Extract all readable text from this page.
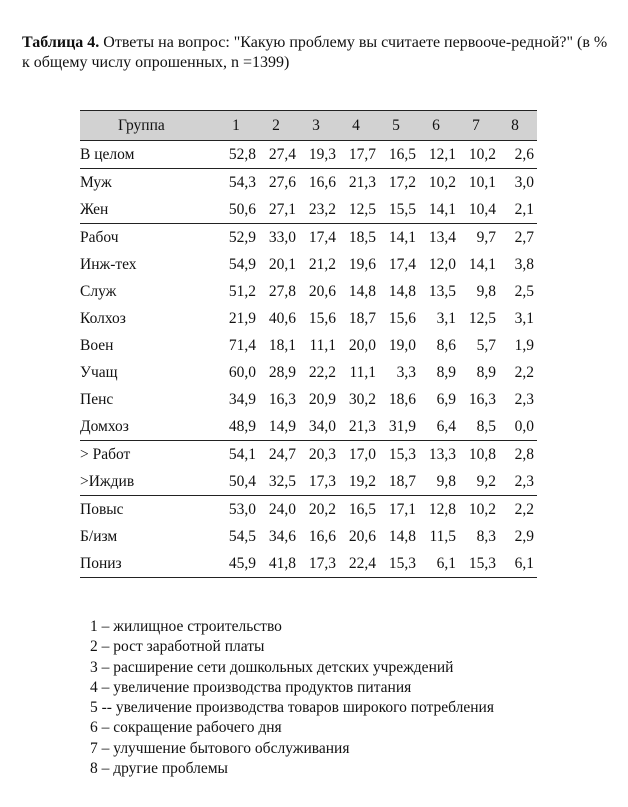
Таблица 4. Ответы на вопрос: "Какую проблему вы считаете первооче-редной?" (в % к общему числу опрошенных, n =1399)
Группа	1	2	3	4	5	6	7	8
В целом	52,8	27,4	19,3	17,7	16,5	12,1	10,2	2,6
Муж	54,3	27,6	16,6	21,3	17,2	10,2	10,1	3,0
Жен	50,6	27,1	23,2	12,5	15,5	14,1	10,4	2,1
Рабоч	52,9	33,0	17,4	18,5	14,1	13,4	9,7	2,7
Инж-тех	54,9	20,1	21,2	19,6	17,4	12,0	14,1	3,8
Служ	51,2	27,8	20,6	14,8	14,8	13,5	9,8	2,5
Колхоз	21,9	40,6	15,6	18,7	15,6	3,1	12,5	3,1
Воен	71,4	18,1	11,1	20,0	19,0	8,6	5,7	1,9
Учащ	60,0	28,9	22,2	11,1	3,3	8,9	8,9	2,2
Пенс	34,9	16,3	20,9	30,2	18,6	6,9	16,3	2,3
Домхоз	48,9	14,9	34,0	21,3	31,9	6,4	8,5	0,0
> Работ	54,1	24,7	20,3	17,0	15,3	13,3	10,8	2,8
>Иждив	50,4	32,5	17,3	19,2	18,7	9,8	9,2	2,3
Повыс	53,0	24,0	20,2	16,5	17,1	12,8	10,2	2,2
Б/изм	54,5	34,6	16,6	20,6	14,8	11,5	8,3	2,9
Пониз	45,9	41,8	17,3	22,4	15,3	6,1	15,3	6,1
1 – жилищное строительство
2 – рост заработной платы
3 – расширение сети дошкольных детских учреждений
4 – увеличение производства продуктов питания
5 -- увеличение производства товаров широкого потребления
6 – сокращение рабочего дня
7 – улучшение бытового обслуживания
8 – другие проблемы
